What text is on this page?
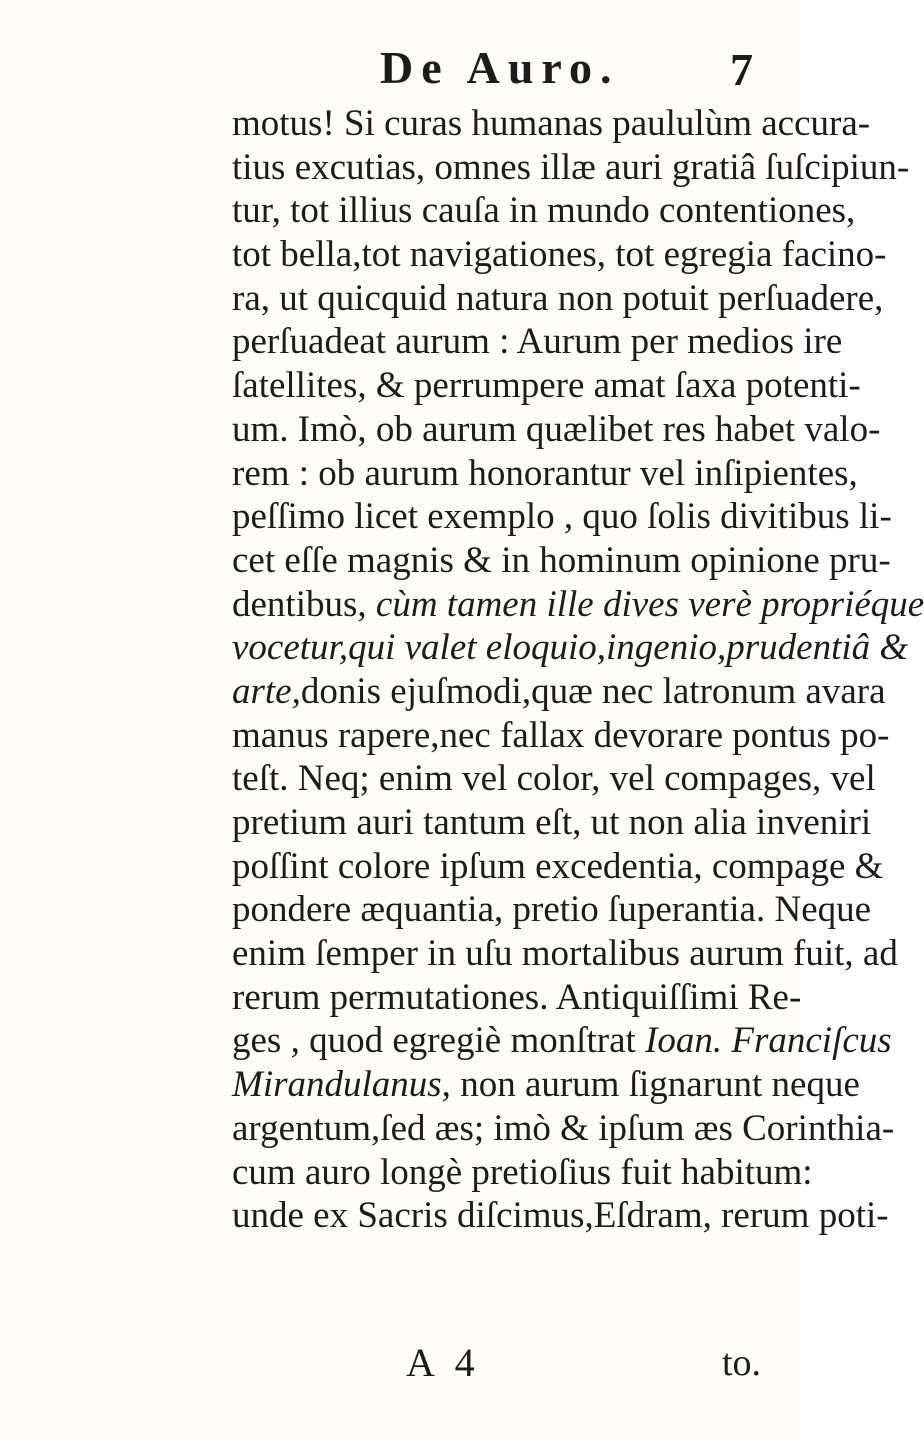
De Auro. 7
motus! Si curas humanas paululùm accura-
tius excutias, omnes illæ auri gratiâ ſuſcipiun-
tur, tot illius cauſa in mundo contentiones,
tot bella,tot navigationes, tot egregia facino-
ra, ut quicquid natura non potuit perſuadere,
perſuadeat aurum : Aurum per medios ire
ſatellites, & perrumpere amat ſaxa potenti-
um. Imò, ob aurum quælibet res habet valo-
rem : ob aurum honorantur vel inſipientes,
peſſimo licet exemplo , quo ſolis divitibus li-
cet eſſe magnis & in hominum opinione pru-
dentibus, cùm tamen ille dives verè propriéque
vocetur,qui valet eloquio,ingenio,prudentiâ &
arte,donis ejuſmodi,quæ nec latronum avara
manus rapere,nec fallax devorare pontus po-
teſt. Neq; enim vel color, vel compages, vel
pretium auri tantum eſt, ut non alia inveniri
poſſint colore ipſum excedentia, compage &
pondere æquantia, pretio ſuperantia. Neque
enim ſemper in uſu mortalibus aurum fuit, ad
rerum permutationes. Antiquiſſimi Re-
ges , quod egregiè monſtrat Ioan. Franciſcus
Mirandulanus, non aurum ſignarunt neque
argentum,ſed æs; imò & ipſum æs Corinthia-
cum auro longè pretioſius fuit habitum:
unde ex Sacris diſcimus,Eſdram, rerum poti-
A 4	to.
